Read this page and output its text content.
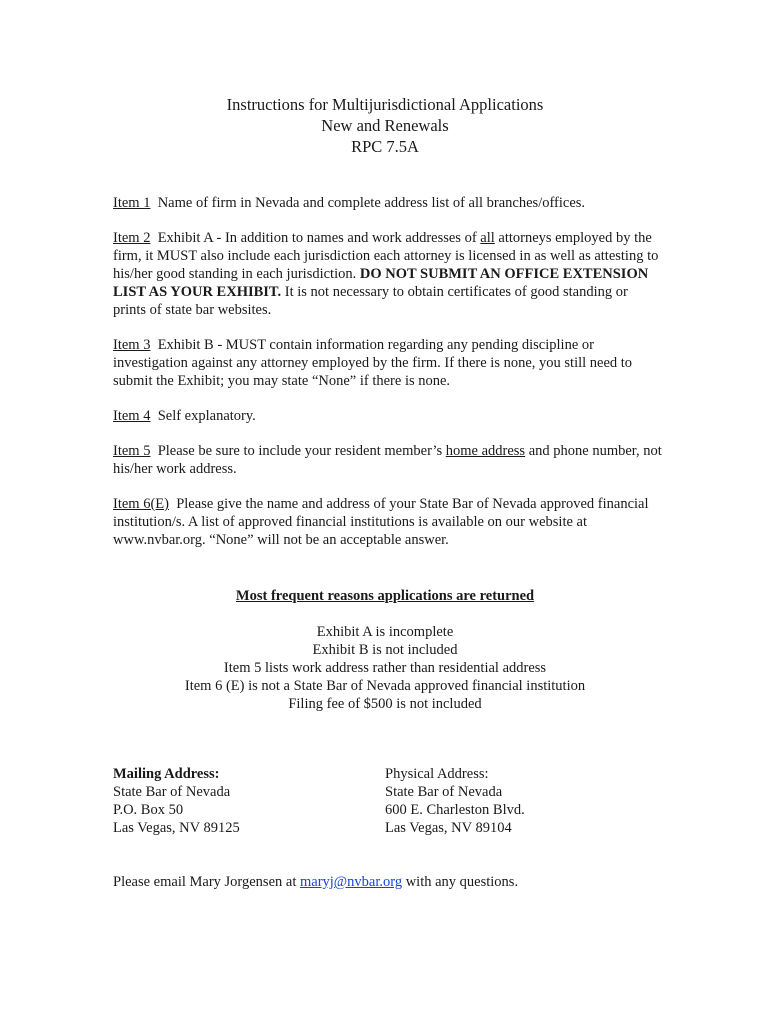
Instructions for Multijurisdictional Applications
New and Renewals
RPC 7.5A

Item 1 Name of firm in Nevada and complete address list of all branches/offices.

Item 2 Exhibit A - In addition to names and work addresses of all attorneys employed by the firm, it MUST also include each jurisdiction each attorney is licensed in as well as attesting to his/her good standing in each jurisdiction. DO NOT SUBMIT AN OFFICE EXTENSION LIST AS YOUR EXHIBIT. It is not necessary to obtain certificates of good standing or prints of state bar websites.

Item 3 Exhibit B - MUST contain information regarding any pending discipline or investigation against any attorney employed by the firm. If there is none, you still need to submit the Exhibit; you may state “None” if there is none.

Item 4 Self explanatory.

Item 5 Please be sure to include your resident member’s home address and phone number, not his/her work address.

Item 6(E) Please give the name and address of your State Bar of Nevada approved financial institution/s. A list of approved financial institutions is available on our website at www.nvbar.org. “None” will not be an acceptable answer.

Most frequent reasons applications are returned
Exhibit A is incomplete
Exhibit B is not included
Item 5 lists work address rather than residential address
Item 6 (E) is not a State Bar of Nevada approved financial institution
Filing fee of $500 is not included
Mailing Address:
State Bar of Nevada
P.O. Box 50
Las Vegas, NV 89125
Physical Address:
State Bar of Nevada
600 E. Charleston Blvd.
Las Vegas, NV 89104
Please email Mary Jorgensen at maryj@nvbar.org with any questions.
